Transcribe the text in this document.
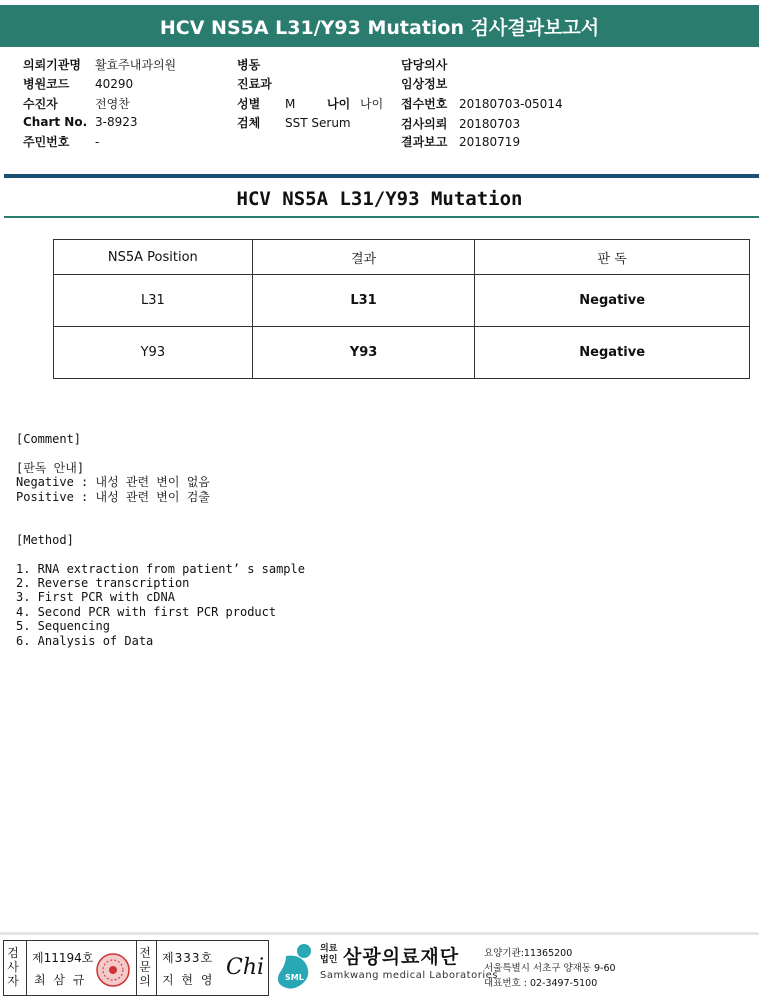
HCV NS5A L31/Y93 Mutation 검사결과보고서
의뢰기관명 활효주내과의원
병원코드 40290
수진자	전영찬
Chart No. 3-8923
주민번호 -
병동
진료과
성별 M	나이 나이
검체 SST Serum
담당의사
임상정보
접수번호 20180703-05014
검사의뢰 20180703
결과보고 20180719
HCV NS5A L31/Y93 Mutation
NS5A Position	결과	판 독
L31	L31	Negative
Y93	Y93	Negative
[Comment]
[판독 안내]
Negative : 내성 관련 변이 없음
Positive : 내성 관련 변이 검출
[Method]
1. RNA extraction from patient’ s sample
2. Reverse transcription
3. First PCR with cDNA
4. Second PCR with first PCR product
5. Sequencing
6. Analysis of Data
검사자
제11194호
최 삼 규
전문의
제333호
지 현 영 Chi	SML
의료
법인 삼광의료재단
Samkwang medical Laboratories
요양기관:11365200
서울특별시 서초구 양재동 9-60
대표번호 : 02-3497-5100
